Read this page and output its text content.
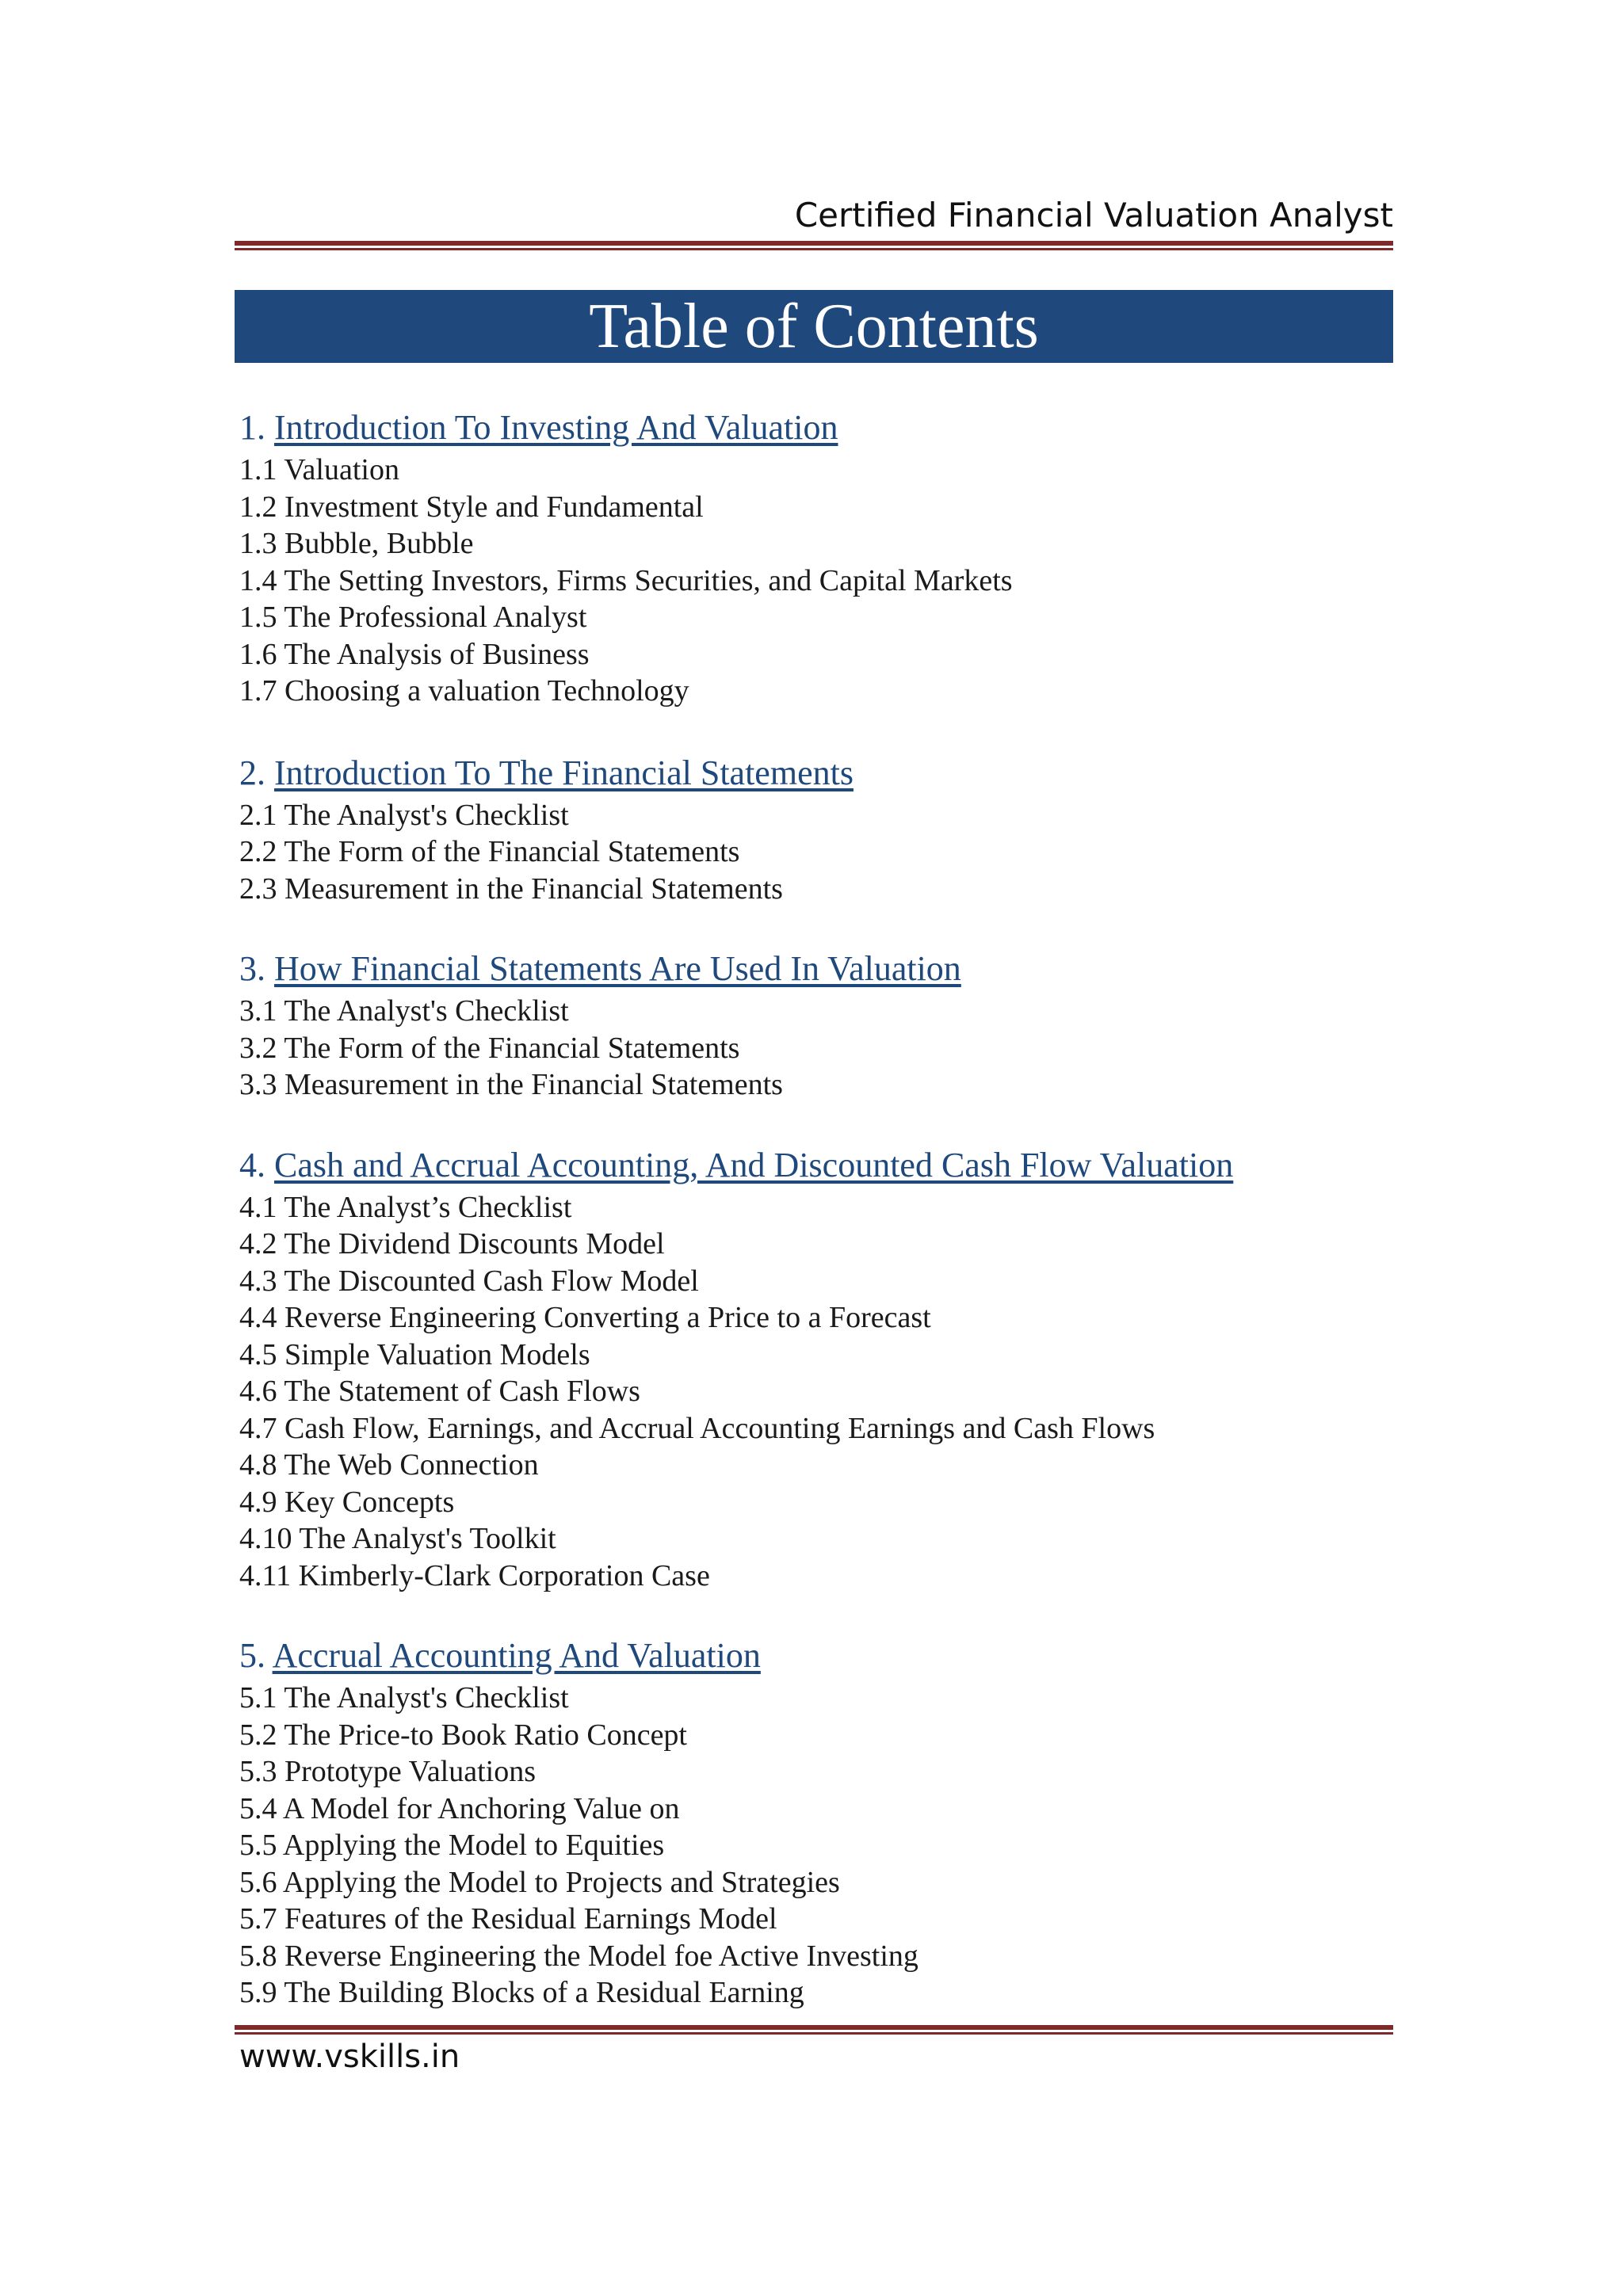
Certified Financial Valuation Analyst
Table of Contents
1. Introduction To Investing And Valuation
1.1 Valuation
1.2 Investment Style and Fundamental
1.3 Bubble, Bubble
1.4 The Setting Investors, Firms Securities, and Capital Markets
1.5 The Professional Analyst
1.6 The Analysis of Business
1.7 Choosing a valuation Technology
2. Introduction To The Financial Statements
2.1 The Analyst's Checklist
2.2 The Form of the Financial Statements
2.3 Measurement in the Financial Statements
3. How Financial Statements Are Used In Valuation
3.1 The Analyst's Checklist
3.2 The Form of the Financial Statements
3.3 Measurement in the Financial Statements
4. Cash and Accrual Accounting, And Discounted Cash Flow Valuation
4.1 The Analyst’s Checklist
4.2 The Dividend Discounts Model
4.3 The Discounted Cash Flow Model
4.4 Reverse Engineering Converting a Price to a Forecast
4.5 Simple Valuation Models
4.6 The Statement of Cash Flows
4.7 Cash Flow, Earnings, and Accrual Accounting Earnings and Cash Flows
4.8 The Web Connection
4.9 Key Concepts
4.10 The Analyst's Toolkit
4.11 Kimberly-Clark Corporation Case
5. Accrual Accounting And Valuation
5.1 The Analyst's Checklist
5.2 The Price-to Book Ratio Concept
5.3 Prototype Valuations
5.4 A Model for Anchoring Value on
5.5 Applying the Model to Equities
5.6 Applying the Model to Projects and Strategies
5.7 Features of the Residual Earnings Model
5.8 Reverse Engineering the Model foe Active Investing
5.9 The Building Blocks of a Residual Earning
www.vskills.in
